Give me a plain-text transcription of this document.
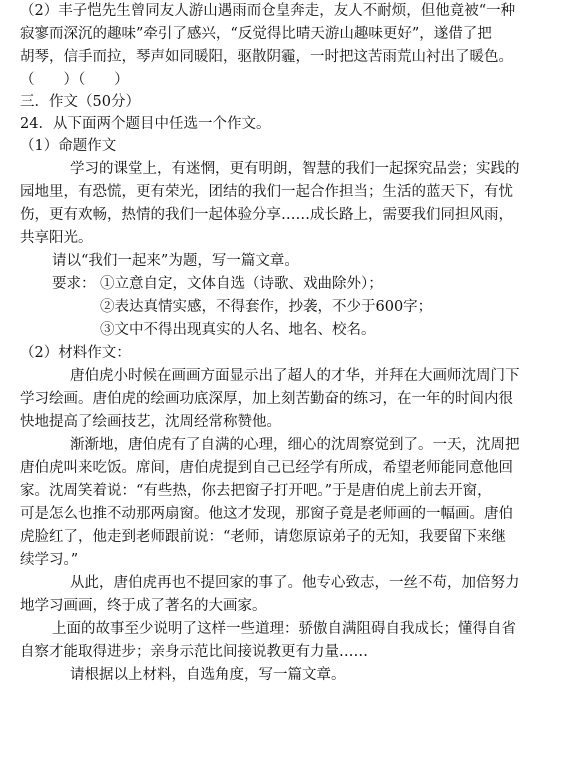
（2）丰子恺先生曾同友人游山遇雨而仓皇奔走，友人不耐烦，但他竟被“一种
寂寥而深沉的趣味”牵引了感兴，“反觉得比晴天游山趣味更好”，遂借了把
胡琴，信手而拉，琴声如同暖阳，驱散阴霾，一时把这苦雨荒山衬出了暖色。
（　　）（　　）
三．作文（50分）
24．从下面两个题目中任选一个作文。
（1）命题作文
学习的课堂上，有迷惘，更有明朗，智慧的我们一起探究品尝；实践的
园地里，有恐慌，更有荣光，团结的我们一起合作担当；生活的蓝天下，有忧
伤，更有欢畅，热情的我们一起体验分享……成长路上，需要我们同担风雨，
共享阳光。
请以“我们一起来”为题，写一篇文章。
要求： ①立意自定，文体自选（诗歌、戏曲除外）；
②表达真情实感，不得套作，抄袭，不少于600字；
③文中不得出现真实的人名、地名、校名。
（2）材料作文：
唐伯虎小时候在画画方面显示出了超人的才华，并拜在大画师沈周门下
学习绘画。唐伯虎的绘画功底深厚，加上刻苦勤奋的练习，在一年的时间内很
快地提高了绘画技艺，沈周经常称赞他。
渐渐地，唐伯虎有了自满的心理，细心的沈周察觉到了。一天，沈周把
唐伯虎叫来吃饭。席间，唐伯虎提到自己已经学有所成，希望老师能同意他回
家。沈周笑着说：“有些热，你去把窗子打开吧。”于是唐伯虎上前去开窗，
可是怎么也推不动那两扇窗。他这才发现，那窗子竟是老师画的一幅画。唐伯
虎脸红了，他走到老师跟前说：“老师，请您原谅弟子的无知，我要留下来继
续学习。”
从此，唐伯虎再也不提回家的事了。他专心致志，一丝不苟，加倍努力
地学习画画，终于成了著名的大画家。
上面的故事至少说明了这样一些道理：骄傲自满阻碍自我成长；懂得自省
自察才能取得进步；亲身示范比间接说教更有力量……
请根据以上材料，自选角度，写一篇文章。
